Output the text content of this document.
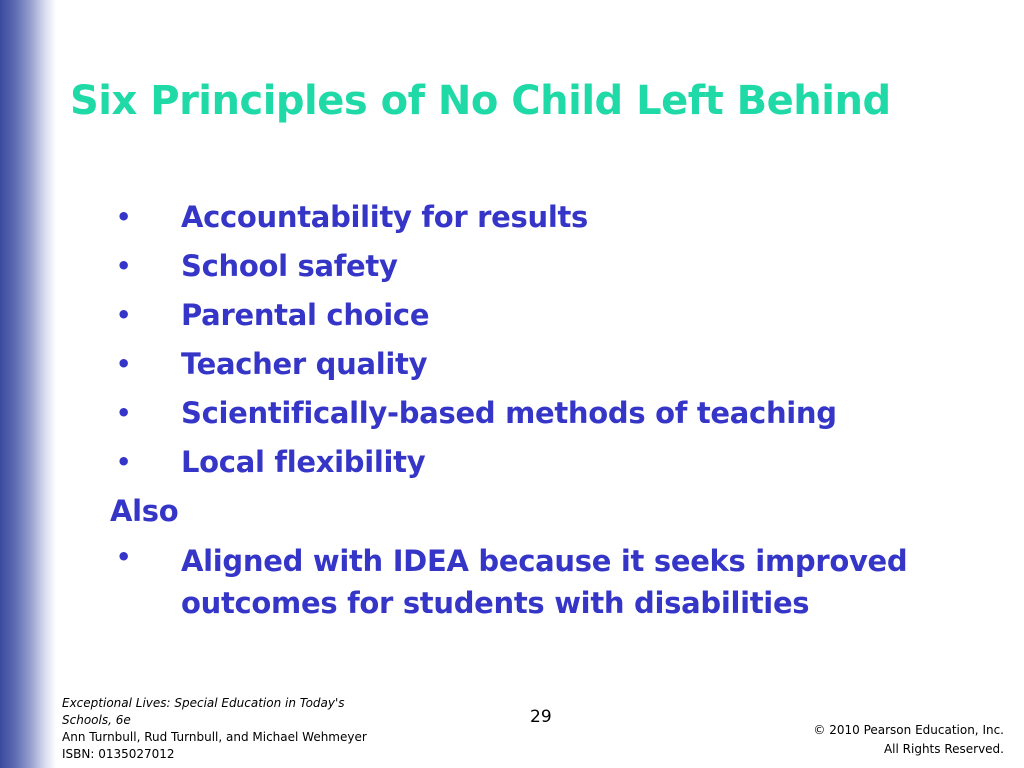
Six Principles of No Child Left Behind
• Accountability for results
• School safety
• Parental choice
• Teacher quality
• Scientifically-based methods of teaching
• Local flexibility

Also

• Aligned with IDEA because it seeks improved outcomes for students with disabilities
Exceptional Lives: Special Education in Today's
Schools, 6e
Ann Turnbull, Rud Turnbull, and Michael Wehmeyer
ISBN: 0135027012
29
© 2010 Pearson Education, Inc.
All Rights Reserved.
